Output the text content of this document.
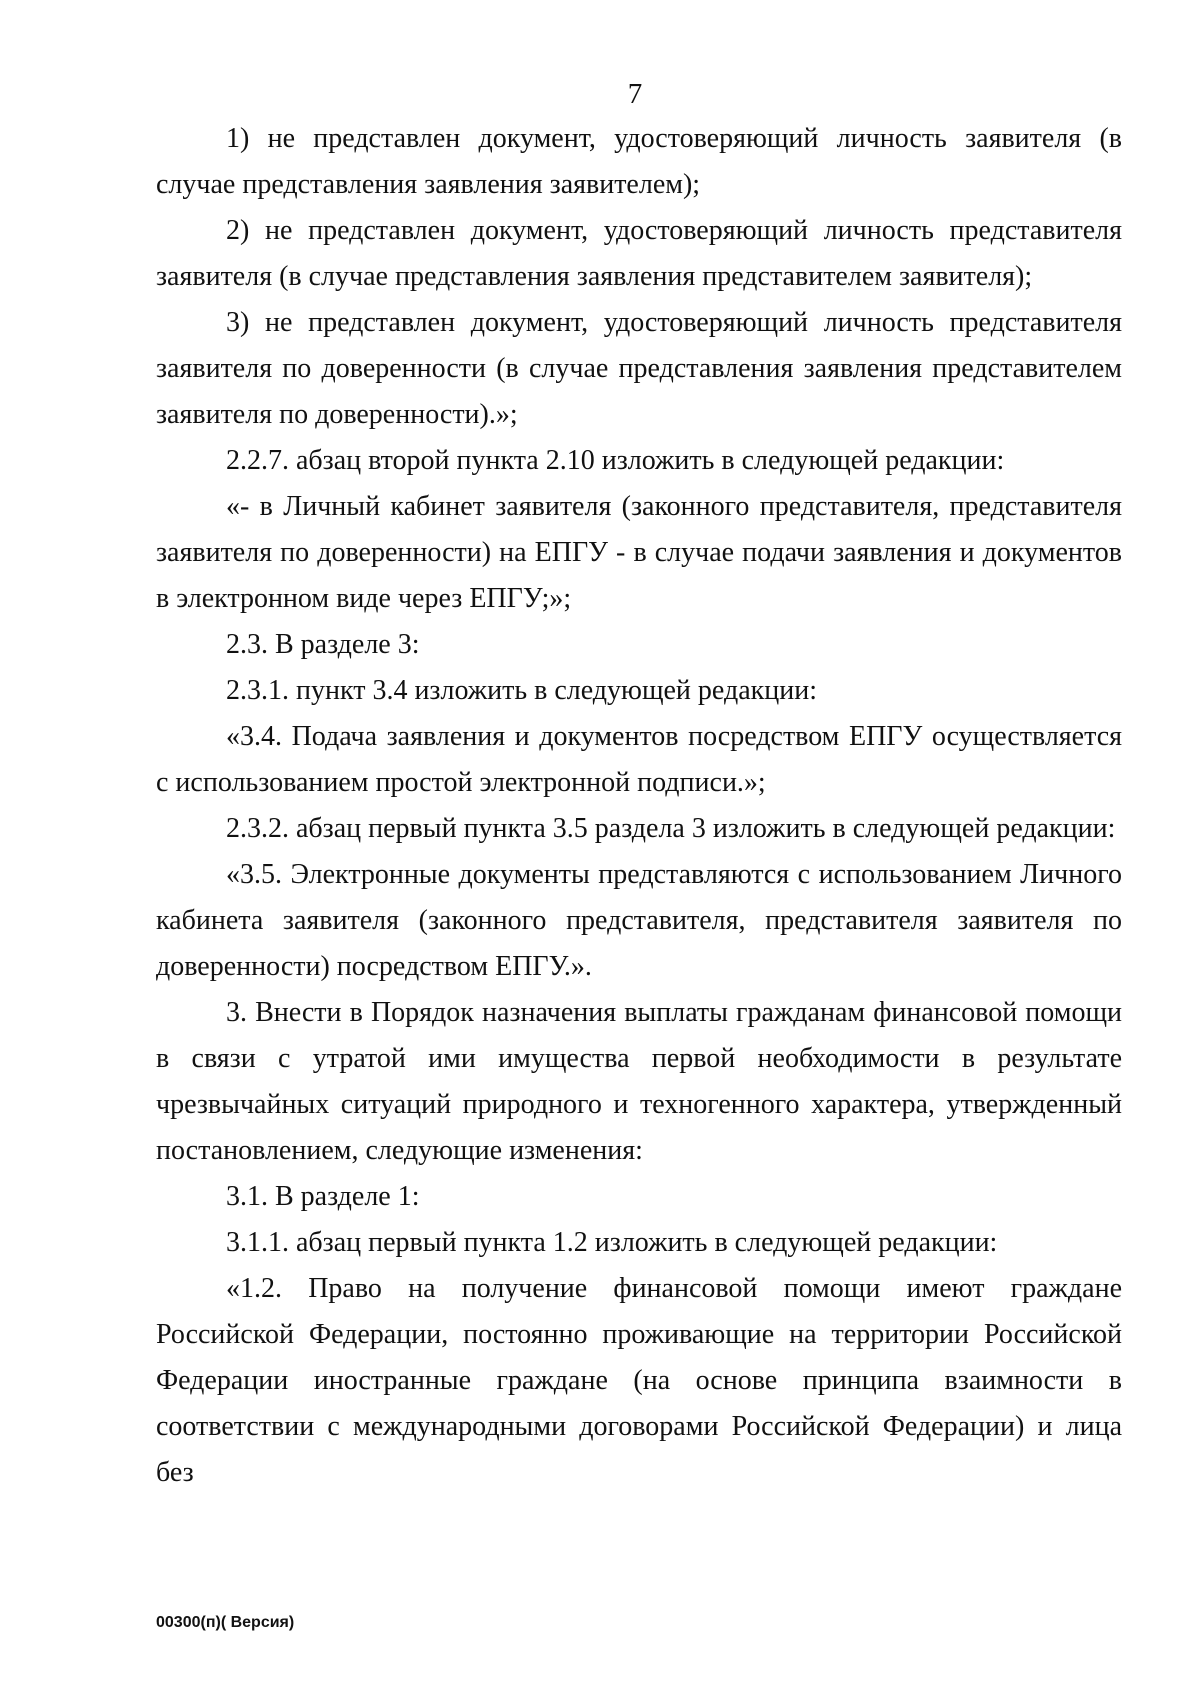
7

1) не представлен документ, удостоверяющий личность заявителя (в случае представления заявления заявителем);

2) не представлен документ, удостоверяющий личность представителя заявителя (в случае представления заявления представителем заявителя);

3) не представлен документ, удостоверяющий личность представителя заявителя по доверенности (в случае представления заявления представителем заявителя по доверенности).»;

2.2.7. абзац второй пункта 2.10 изложить в следующей редакции:

«- в Личный кабинет заявителя (законного представителя, представителя заявителя по доверенности) на ЕПГУ - в случае подачи заявления и документов в электронном виде через ЕПГУ;»;

2.3. В разделе 3:

2.3.1. пункт 3.4 изложить в следующей редакции:

«3.4. Подача заявления и документов посредством ЕПГУ осуществляется с использованием простой электронной подписи.»;

2.3.2. абзац первый пункта 3.5 раздела 3 изложить в следующей редакции:

«3.5. Электронные документы представляются с использованием Личного кабинета заявителя (законного представителя, представителя заявителя по доверенности) посредством ЕПГУ.».

3. Внести в Порядок назначения выплаты гражданам финансовой помощи в связи с утратой ими имущества первой необходимости в результате чрезвычайных ситуаций природного и техногенного характера, утвержденный постановлением, следующие изменения:

3.1. В разделе 1:

3.1.1. абзац первый пункта 1.2 изложить в следующей редакции:

«1.2. Право на получение финансовой помощи имеют граждане Российской Федерации, постоянно проживающие на территории Российской Федерации иностранные граждане (на основе принципа взаимности в соответствии с международными договорами Российской Федерации) и лица без

00300(п)( Версия)
